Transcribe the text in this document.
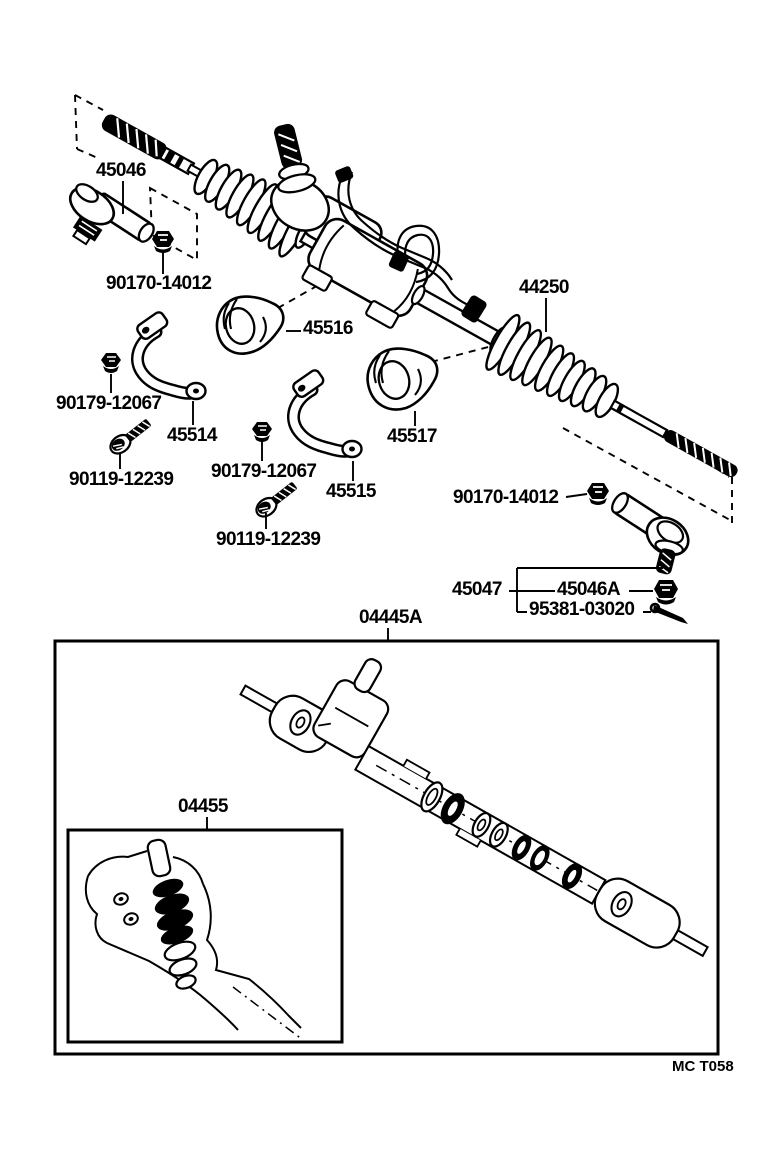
45046
90170-14012
45516
44250
90179-12067
45514
90119-12239 90179-12067
45515
90119-12239
45517
90170-14012
45047	45046A
95381-03020
04445A
04455
MC T058
